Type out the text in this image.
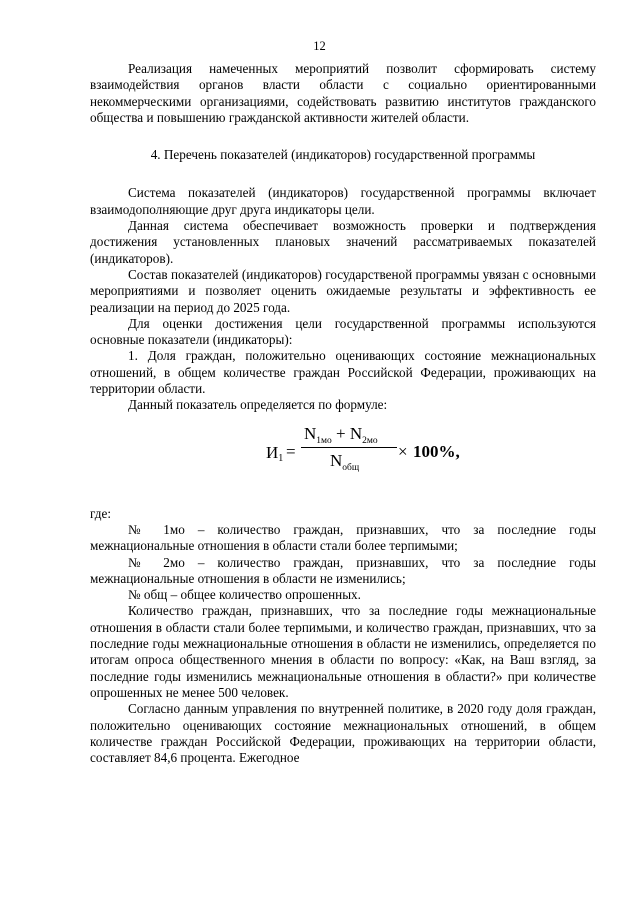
12

Реализация намеченных мероприятий позволит сформировать систему взаимодействия органов власти области с социально ориентированными некоммерческими организациями, содействовать развитию институтов гражданского общества и повышению гражданской активности жителей области.

4. Перечень показателей (индикаторов) государственной программы

Система показателей (индикаторов) государственной программы включает взаимодополняющие друг друга индикаторы цели.

Данная система обеспечивает возможность проверки и подтверждения достижения установленных плановых значений рассматриваемых показателей (индикаторов).

Состав показателей (индикаторов) государственой программы увязан с основными мероприятиями и позволяет оценить ожидаемые результаты и эффективность ее реализации на период до 2025 года.

Для оценки достижения цели государственной программы используются основные показатели (индикаторы):

1. Доля граждан, положительно оценивающих состояние межнациональных отношений, в общем количестве граждан Российской Федерации, проживающих на территории области.

Данный показатель определяется по формуле:

$И_1$ =
$N_{1мо} + N_{2мо}$
$N_{общ}$
× 100%,

где:

№ 1мо – количество граждан, признавших, что за последние годы межнациональные отношения в области стали более терпимыми;

№ 2мо – количество граждан, признавших, что за последние годы межнациональные отношения в области не изменились;

№ общ – общее количество опрошенных.

Количество граждан, признавших, что за последние годы межнациональные отношения в области стали более терпимыми, и количество граждан, признавших, что за последние годы межнациональные отношения в области не изменились, определяется по итогам опроса общественного мнения в области по вопросу: «Как, на Ваш взгляд, за последние годы изменились межнациональные отношения в области?» при количестве опрошенных не менее 500 человек.

Согласно данным управления по внутренней политике, в 2020 году доля граждан, положительно оценивающих состояние межнациональных отношений, в общем количестве граждан Российской Федерации, проживающих на территории области, составляет 84,6 процента. Ежегодное
